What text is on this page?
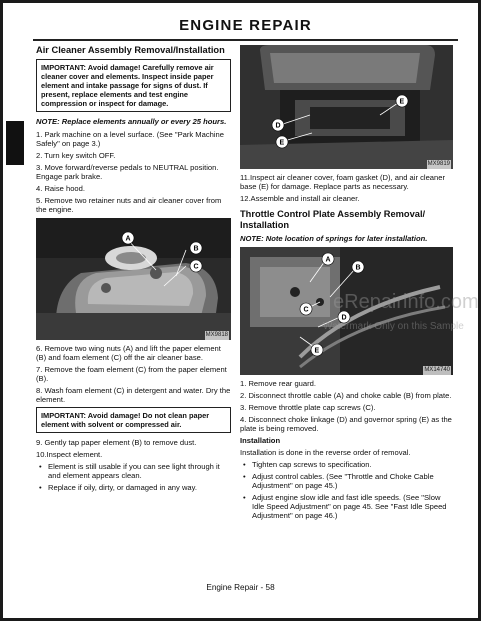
ENGINE REPAIR
Air Cleaner Assembly Removal/Installation
IMPORTANT: Avoid damage! Carefully remove air cleaner cover and elements. Inspect inside paper element and intake passage for signs of dust. If present, replace elements and test engine compression or inspect for damage.
NOTE: Replace elements annually or every 25 hours.
1. Park machine on a level surface. (See "Park Machine Safely" on page 3.)
2. Turn key switch OFF.
3. Move forward/reverse pedals to NEUTRAL position. Engage park brake.
4. Raise hood.
5. Remove two retainer nuts and air cleaner cover from the engine.
A
B
C
MX9818
6. Remove two wing nuts (A) and lift the paper element (B) and foam element (C) off the air cleaner base.
7. Remove the foam element (C) from the paper element (B).
8. Wash foam element (C) in detergent and water. Dry the element.
IMPORTANT: Avoid damage! Do not clean paper element with solvent or compressed air.
9. Gently tap paper element (B) to remove dust.
10.Inspect element.
• Element is still usable if you can see light through it and element appears clean.
• Replace if oily, dirty, or damaged in any way.
D
E
E
MX9819
11.Inspect air cleaner cover, foam gasket (D), and air cleaner base (E) for damage. Replace parts as necessary.
12.Assemble and install air cleaner.
Throttle Control Plate Assembly Removal/ Installation
NOTE: Note location of springs for later installation.
A
B
C
D
E
MX14740
1. Remove rear guard.
2. Disconnect throttle cable (A) and choke cable (B) from plate.
3. Remove throttle plate cap screws (C).
4. Disconnect choke linkage (D) and governor spring (E) as the plate is being removed.
Installation
Installation is done in the reverse order of removal.
• Tighten cap screws to specification.
• Adjust control cables. (See "Throttle and Choke Cable Adjustment" on page 45.)
• Adjust engine slow idle and fast idle speeds. (See "Slow Idle Speed Adjustment" on page 45. See "Fast Idle Speed Adjustment" on page 46.)
eRepairinfo.com
Watermark Only on this Sample
Engine Repair - 58
